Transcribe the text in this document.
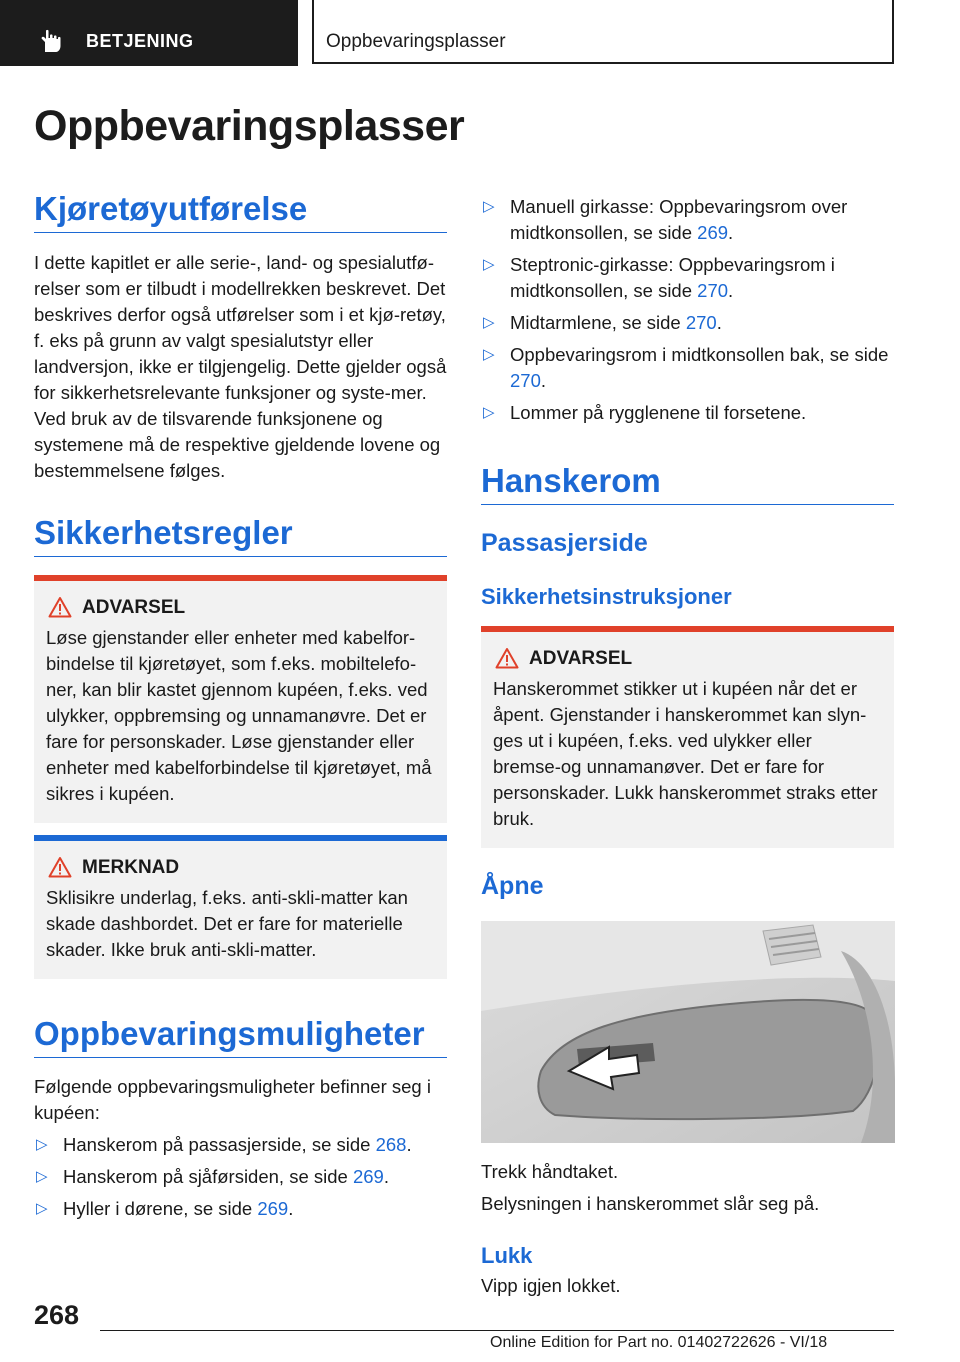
BETJENING	Oppbevaringsplasser
Oppbevaringsplasser
Kjøretøyutførelse

I dette kapitlet er alle serie-, land- og spesialutfø-relser som er tilbudt i modellrekken beskrevet. Det beskrives derfor også utførelser som i et kjø-retøy, f. eks på grunn av valgt spesialutstyr eller landversjon, ikke er tilgjengelig. Dette gjelder også for sikkerhetsrelevante funksjoner og syste-mer. Ved bruk av de tilsvarende funksjonene og systemene må de respektive gjeldende lovene og bestemmelsene følges.

Sikkerhetsregler
ADVARSEL

Løse gjenstander eller enheter med kabelfor-bindelse til kjøretøyet, som f.eks. mobiltelefo-ner, kan blir kastet gjennom kupéen, f.eks. ved ulykker, oppbremsing og unnamanøvre. Det er fare for personskader. Løse gjenstander eller enheter med kabelforbindelse til kjøretøyet, må sikres i kupéen.

MERKNAD

Sklisikre underlag, f.eks. anti-skli-matter kan skade dashbordet. Det er fare for materielle skader. Ikke bruk anti-skli-matter.

Oppbevaringsmuligheter

Følgende oppbevaringsmuligheter befinner seg i kupéen:

▷ Hanskerom på passasjerside, se side 268.
▷ Hanskerom på sjåførsiden, se side 269.
▷ Hyller i dørene, se side 269.
▷ Manuell girkasse: Oppbevaringsrom over midtkonsollen, se side 269.
▷ Steptronic-girkasse: Oppbevaringsrom i midtkonsollen, se side 270.
▷ Midtarmlene, se side 270.
▷ Oppbevaringsrom i midtkonsollen bak, se side 270.
▷ Lommer på rygglenene til forsetene.
Hanskerom
Passasjerside
Sikkerhetsinstruksjoner
ADVARSEL

Hanskerommet stikker ut i kupéen når det er åpent. Gjenstander i hanskerommet kan slyn-ges ut i kupéen, f.eks. ved ulykker eller bremse-og unnamanøver. Det er fare for personskader. Lukk hanskerommet straks etter bruk.

Åpne

Trekk håndtaket.

Belysningen i hanskerommet slår seg på.

Lukk

Vipp igjen lokket.

268
Online Edition for Part no. 01402722626 - VI/18
